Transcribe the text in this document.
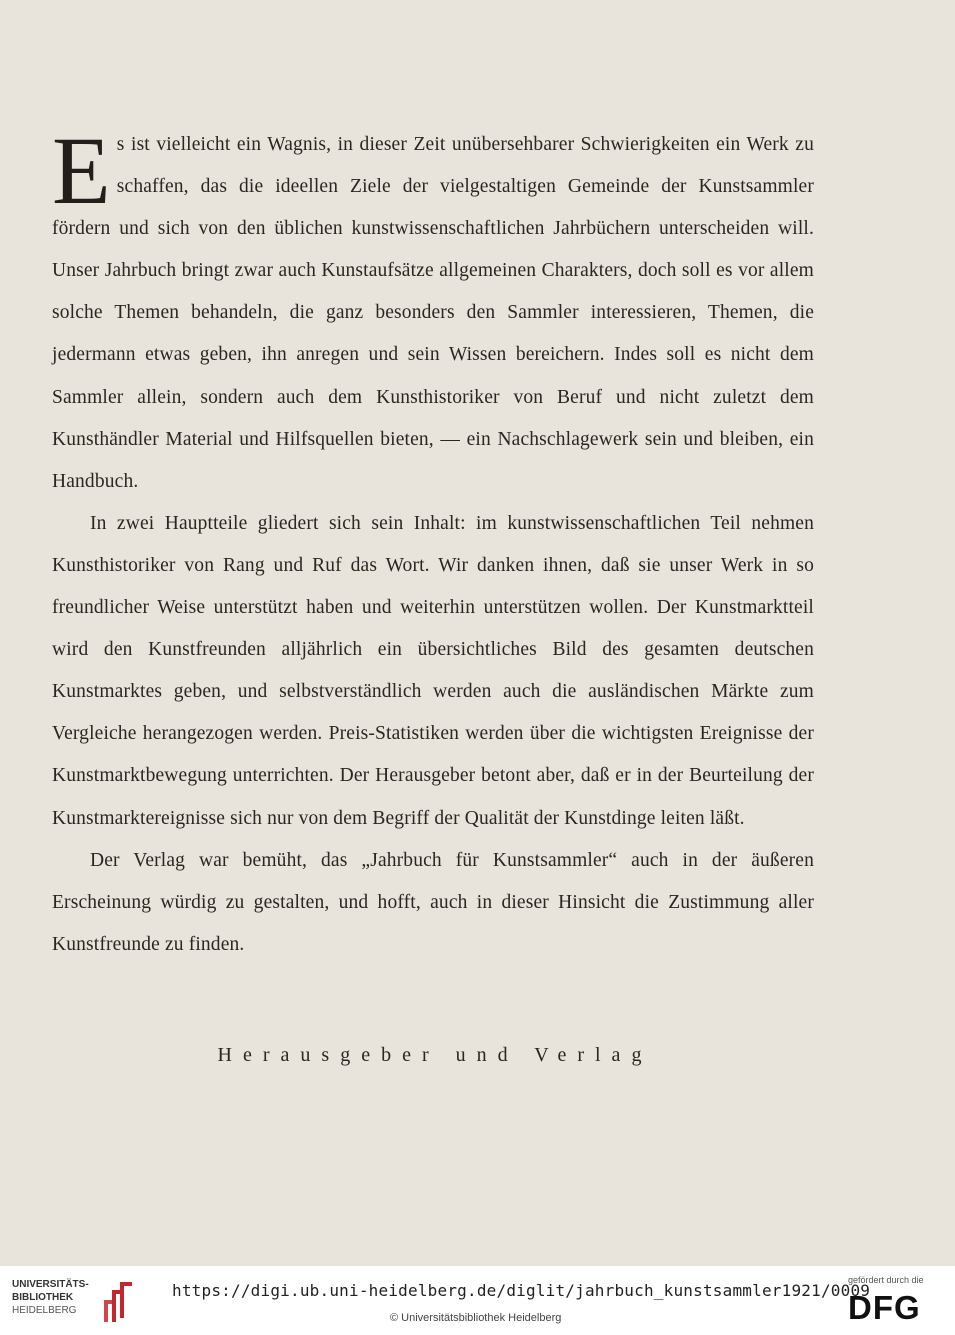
Es ist vielleicht ein Wagnis, in dieser Zeit unübersehbarer Schwierigkeiten ein Werk zu schaffen, das die ideellen Ziele der vielgestaltigen Gemeinde der Kunstsammler fördern und sich von den üblichen kunstwissenschaftlichen Jahrbüchern unterscheiden will. Unser Jahrbuch bringt zwar auch Kunstaufsätze allgemeinen Charakters, doch soll es vor allem solche Themen behandeln, die ganz besonders den Sammler interessieren, Themen, die jedermann etwas geben, ihn anregen und sein Wissen bereichern. Indes soll es nicht dem Sammler allein, sondern auch dem Kunsthistoriker von Beruf und nicht zuletzt dem Kunsthändler Material und Hilfsquellen bieten, — ein Nachschlagewerk sein und bleiben, ein Handbuch.

In zwei Hauptteile gliedert sich sein Inhalt: im kunstwissenschaftlichen Teil nehmen Kunsthistoriker von Rang und Ruf das Wort. Wir danken ihnen, daß sie unser Werk in so freundlicher Weise unterstützt haben und weiterhin unterstützen wollen. Der Kunstmarktteil wird den Kunstfreunden alljährlich ein übersichtliches Bild des gesamten deutschen Kunstmarktes geben, und selbstverständlich werden auch die ausländischen Märkte zum Vergleiche herangezogen werden. Preis-Statistiken werden über die wichtigsten Ereignisse der Kunstmarktbewegung unterrichten. Der Herausgeber betont aber, daß er in der Beurteilung der Kunstmarktereignisse sich nur von dem Begriff der Qualität der Kunstdinge leiten läßt.

Der Verlag war bemüht, das „Jahrbuch für Kunstsammler“ auch in der äußeren Erscheinung würdig zu gestalten, und hofft, auch in dieser Hinsicht die Zustimmung aller Kunstfreunde zu finden.

Herausgeber und Verlag
UNIVERSITÄTS-
BIBLIOTHEK
HEIDELBERG
https://digi.ub.uni-heidelberg.de/diglit/jahrbuch_kunstsammler1921/0009
© Universitätsbibliothek Heidelberg
gefördert durch die
DFG
